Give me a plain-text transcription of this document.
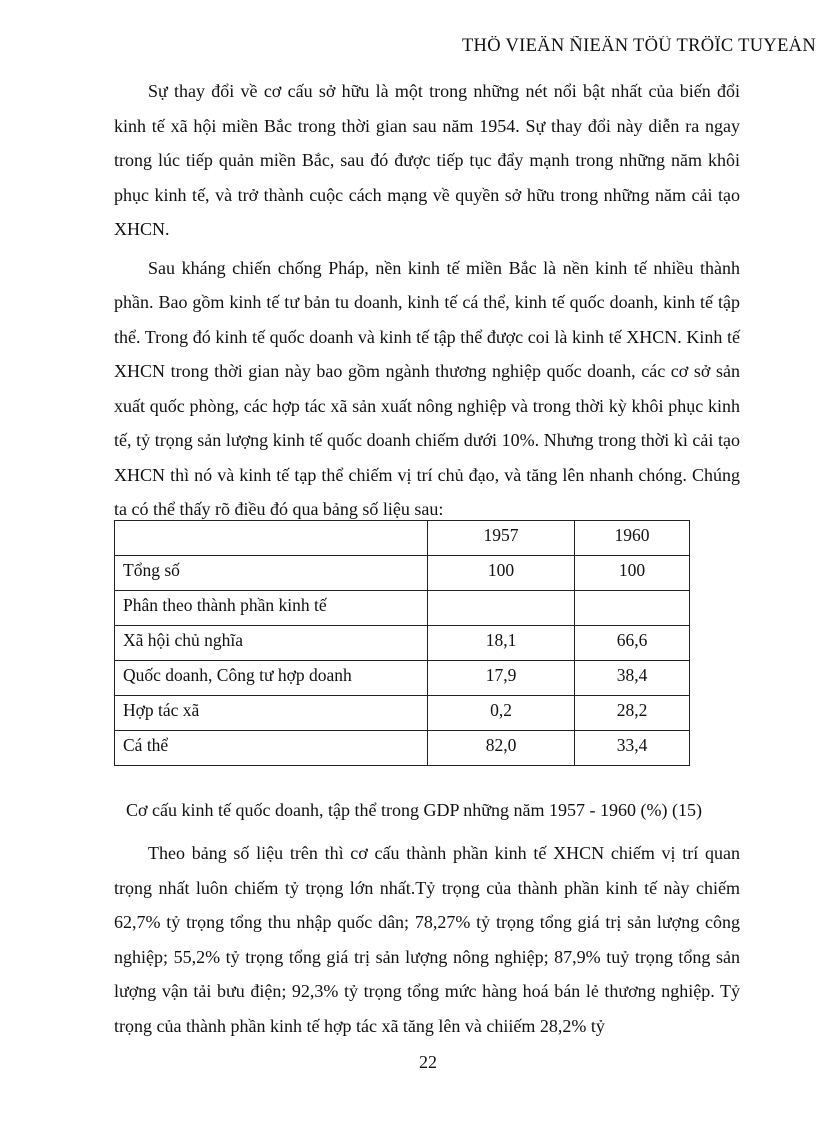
THÖ VIEÄN ÑIEÄN TÖÛ TRÖÏC TUYEÁN

Sự thay đổi về cơ cấu sở hữu là một trong những nét nổi bật nhất của biến đổi kinh tế xã hội miền Bắc trong thời gian sau năm 1954. Sự thay đổi này diễn ra ngay trong lúc tiếp quản miền Bắc, sau đó được tiếp tục đẩy mạnh trong những năm khôi phục kinh tế, và trở thành cuộc cách mạng về quyền sở hữu trong những năm cải tạo XHCN.

Sau kháng chiến chống Pháp, nền kinh tế miền Bắc là nền kinh tế nhiều thành phần. Bao gồm kinh tế tư bản tu doanh, kinh tế cá thể, kinh tế quốc doanh, kinh tế tập thể. Trong đó kinh tế quốc doanh và kinh tế tập thể được coi là kinh tế XHCN. Kinh tế XHCN trong thời gian này bao gồm ngành thương nghiệp quốc doanh, các cơ sở sản xuất quốc phòng, các hợp tác xã sản xuất nông nghiệp và trong thời kỳ khôi phục kinh tế, tỷ trọng sản lượng kinh tế quốc doanh chiếm dưới 10%. Nhưng trong thời kì cải tạo XHCN thì nó và kinh tế tạp thể chiếm vị trí chủ đạo, và tăng lên nhanh chóng. Chúng ta có thể thấy rõ điều đó qua bảng số liệu sau:

	1957	1960
Tổng số	100	100
Phân theo thành phần kinh tế		
Xã hội chủ nghĩa	18,1	66,6
Quốc doanh, Công tư hợp doanh	17,9	38,4
Hợp tác xã	0,2	28,2
Cá thể	82,0	33,4
Cơ cấu kinh tế quốc doanh, tập thể trong GDP những năm 1957 - 1960 (%) (15)

Theo bảng số liệu trên thì cơ cấu thành phần kinh tế XHCN chiếm vị trí quan trọng nhất luôn chiếm tỷ trọng lớn nhất.Tỷ trọng của thành phần kinh tế này chiếm 62,7% tỷ trọng tổng thu nhập quốc dân; 78,27% tỷ trọng tổng giá trị sản lượng công nghiệp; 55,2% tỷ trọng tổng giá trị sản lượng nông nghiệp; 87,9% tuỷ trọng tổng sản lượng vận tải bưu điện; 92,3% tỷ trọng tổng mức hàng hoá bán lẻ thương nghiệp. Tỷ trọng của thành phần kinh tế hợp tác xã tăng lên và chiiếm 28,2% tỷ

22
